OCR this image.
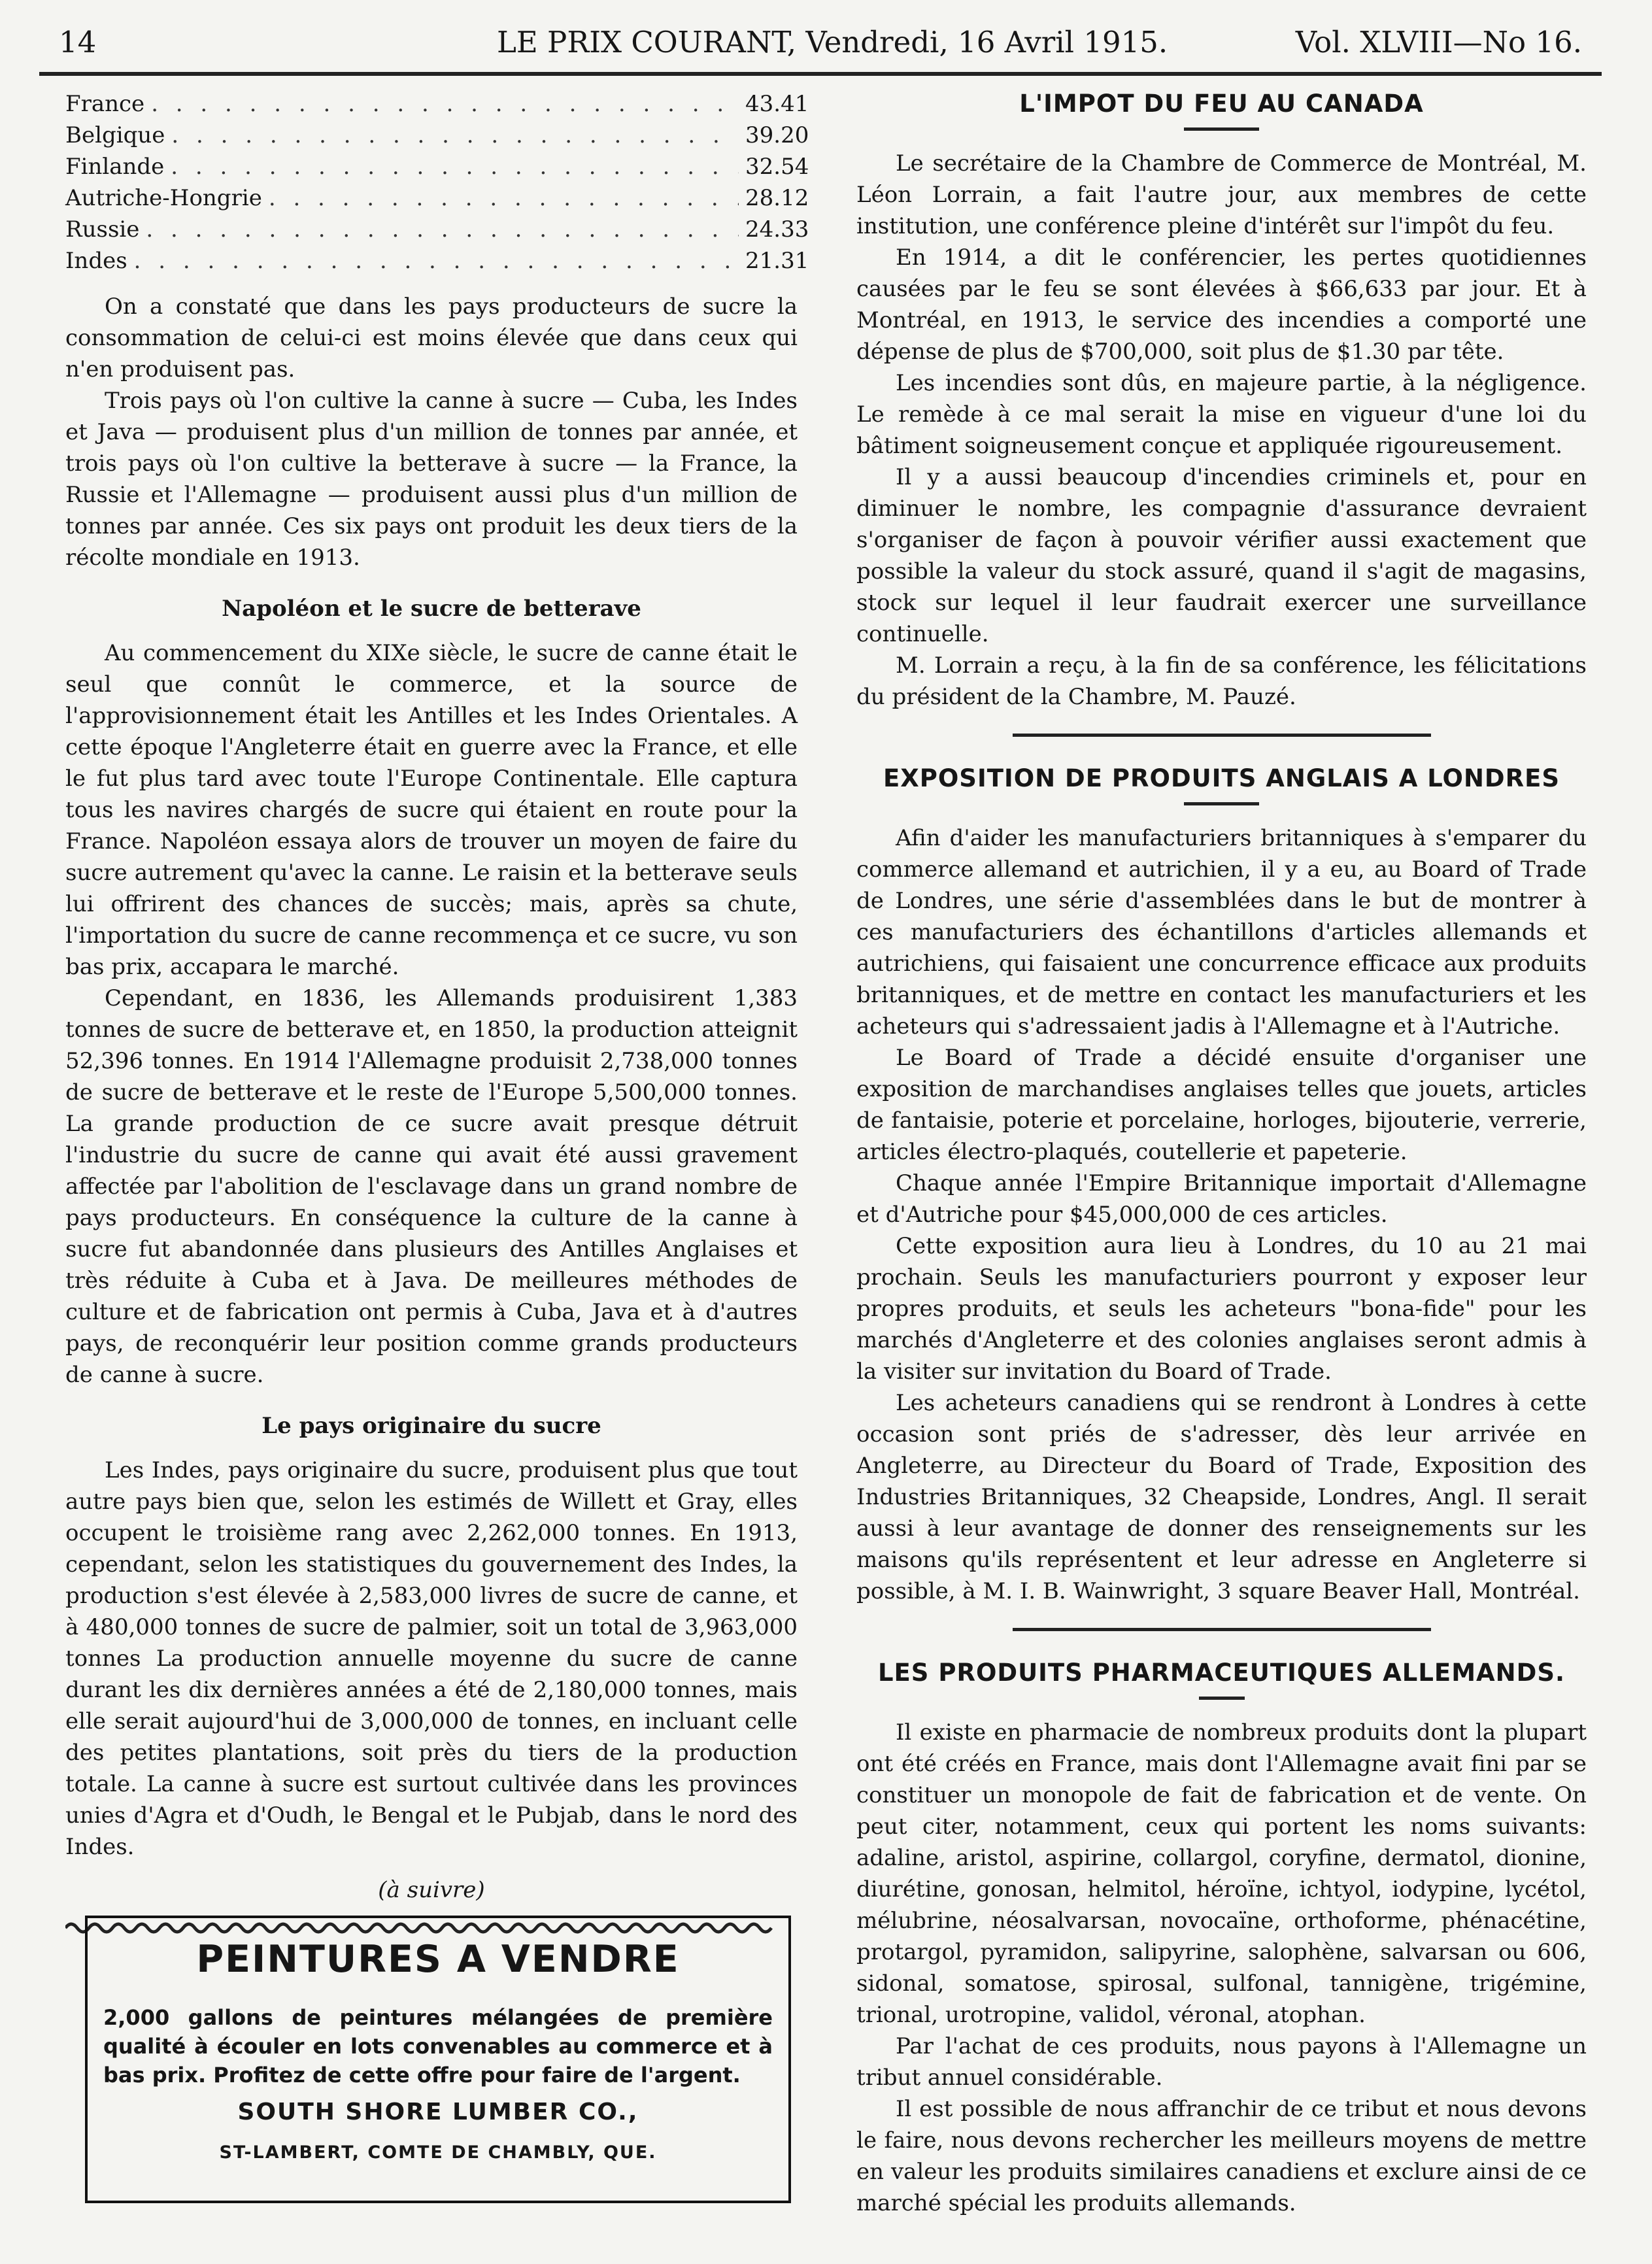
14	LE PRIX COURANT, Vendredi, 16 Avril 1915.	Vol. XLVIII—No 16.
France . . .	43.41
Belgique . . .	39.20
Finlande . . .	32.54
Autriche-Hongrie . . .	28.12
Russie . . .	24.33
Indes . . .	21.31

On a constaté que dans les pays producteurs de sucre la consommation de celui-ci est moins élevée que dans ceux qui n'en produisent pas.

Trois pays où l'on cultive la canne à sucre — Cuba, les Indes et Java — produisent plus d'un million de tonnes par année, et trois pays où l'on cultive la betterave à sucre — la France, la Russie et l'Allemagne — produisent aussi plus d'un million de tonnes par année. Ces six pays ont produit les deux tiers de la récolte mondiale en 1913.

Napoléon et le sucre de betterave

Au commencement du XIXe siècle, le sucre de canne était le seul que connût le commerce, et la source de l'approvisionnement était les Antilles et les Indes Orientales. A cette époque l'Angleterre était en guerre avec la France, et elle le fut plus tard avec toute l'Europe Continentale. Elle captura tous les navires chargés de sucre qui étaient en route pour la France. Napoléon essaya alors de trouver un moyen de faire du sucre autrement qu'avec la canne. Le raisin et la betterave seuls lui offrirent des chances de succès; mais, après sa chute, l'importation du sucre de canne recommença et ce sucre, vu son bas prix, accapara le marché.

Cependant, en 1836, les Allemands produisirent 1,383 tonnes de sucre de betterave et, en 1850, la production atteignit 52,396 tonnes. En 1914 l'Allemagne produisit 2,738,000 tonnes de sucre de betterave et le reste de l'Europe 5,500,000 tonnes. La grande production de ce sucre avait presque détruit l'industrie du sucre de canne qui avait été aussi gravement affectée par l'abolition de l'esclavage dans un grand nombre de pays producteurs. En conséquence la culture de la canne à sucre fut abandonnée dans plusieurs des Antilles Anglaises et très réduite à Cuba et à Java. De meilleures méthodes de culture et de fabrication ont permis à Cuba, Java et à d'autres pays, de reconquérir leur position comme grands producteurs de canne à sucre.

Le pays originaire du sucre

Les Indes, pays originaire du sucre, produisent plus que tout autre pays bien que, selon les estimés de Willett et Gray, elles occupent le troisième rang avec 2,262,000 tonnes. En 1913, cependant, selon les statistiques du gouvernement des Indes, la production s'est élevée à 2,583,000 livres de sucre de canne, et à 480,000 tonnes de sucre de palmier, soit un total de 3,963,000 tonnes La production annuelle moyenne du sucre de canne durant les dix dernières années a été de 2,180,000 tonnes, mais elle serait aujourd'hui de 3,000,000 de tonnes, en incluant celle des petites plantations, soit près du tiers de la production totale. La canne à sucre est surtout cultivée dans les provinces unies d'Agra et d'Oudh, le Bengal et le Pubjab, dans le nord des Indes.

(à suivre)
PEINTURES A VENDRE
2,000 gallons de peintures mélangées de première qualité à écouler en lots convenables au commerce et à bas prix. Profitez de cette offre pour faire de l'argent.
SOUTH SHORE LUMBER CO.,
ST-LAMBERT, COMTE DE CHAMBLY, QUE.
L'IMPOT DU FEU AU CANADA

Le secrétaire de la Chambre de Commerce de Montréal, M. Léon Lorrain, a fait l'autre jour, aux membres de cette institution, une conférence pleine d'intérêt sur l'impôt du feu.

En 1914, a dit le conférencier, les pertes quotidiennes causées par le feu se sont élevées à $66,633 par jour. Et à Montréal, en 1913, le service des incendies a comporté une dépense de plus de $700,000, soit plus de $1.30 par tête.

Les incendies sont dûs, en majeure partie, à la négligence. Le remède à ce mal serait la mise en vigueur d'une loi du bâtiment soigneusement conçue et appliquée rigoureusement.

Il y a aussi beaucoup d'incendies criminels et, pour en diminuer le nombre, les compagnie d'assurance devraient s'organiser de façon à pouvoir vérifier aussi exactement que possible la valeur du stock assuré, quand il s'agit de magasins, stock sur lequel il leur faudrait exercer une surveillance continuelle.

M. Lorrain a reçu, à la fin de sa conférence, les félicitations du président de la Chambre, M. Pauzé.

EXPOSITION DE PRODUITS ANGLAIS A LONDRES

Afin d'aider les manufacturiers britanniques à s'emparer du commerce allemand et autrichien, il y a eu, au Board of Trade de Londres, une série d'assemblées dans le but de montrer à ces manufacturiers des échantillons d'articles allemands et autrichiens, qui faisaient une concurrence efficace aux produits britanniques, et de mettre en contact les manufacturiers et les acheteurs qui s'adressaient jadis à l'Allemagne et à l'Autriche.

Le Board of Trade a décidé ensuite d'organiser une exposition de marchandises anglaises telles que jouets, articles de fantaisie, poterie et porcelaine, horloges, bijouterie, verrerie, articles électro-plaqués, coutellerie et papeterie.

Chaque année l'Empire Britannique importait d'Allemagne et d'Autriche pour $45,000,000 de ces articles.

Cette exposition aura lieu à Londres, du 10 au 21 mai prochain. Seuls les manufacturiers pourront y exposer leur propres produits, et seuls les acheteurs "bona-fide" pour les marchés d'Angleterre et des colonies anglaises seront admis à la visiter sur invitation du Board of Trade.

Les acheteurs canadiens qui se rendront à Londres à cette occasion sont priés de s'adresser, dès leur arrivée en Angleterre, au Directeur du Board of Trade, Exposition des Industries Britanniques, 32 Cheapside, Londres, Angl. Il serait aussi à leur avantage de donner des renseignements sur les maisons qu'ils représentent et leur adresse en Angleterre si possible, à M. I. B. Wainwright, 3 square Beaver Hall, Montréal.

LES PRODUITS PHARMACEUTIQUES ALLEMANDS.

Il existe en pharmacie de nombreux produits dont la plupart ont été créés en France, mais dont l'Allemagne avait fini par se constituer un monopole de fait de fabrication et de vente. On peut citer, notamment, ceux qui portent les noms suivants: adaline, aristol, aspirine, collargol, coryfine, dermatol, dionine, diurétine, gonosan, helmitol, héroïne, ichtyol, iodypine, lycétol, mélubrine, néosalvarsan, novocaïne, orthoforme, phénacétine, protargol, pyramidon, salipyrine, salophène, salvarsan ou 606, sidonal, somatose, spirosal, sulfonal, tannigène, trigémine, trional, urotropine, validol, véronal, atophan.

Par l'achat de ces produits, nous payons à l'Allemagne un tribut annuel considérable.

Il est possible de nous affranchir de ce tribut et nous devons le faire, nous devons rechercher les meilleurs moyens de mettre en valeur les produits similaires canadiens et exclure ainsi de ce marché spécial les produits allemands.
